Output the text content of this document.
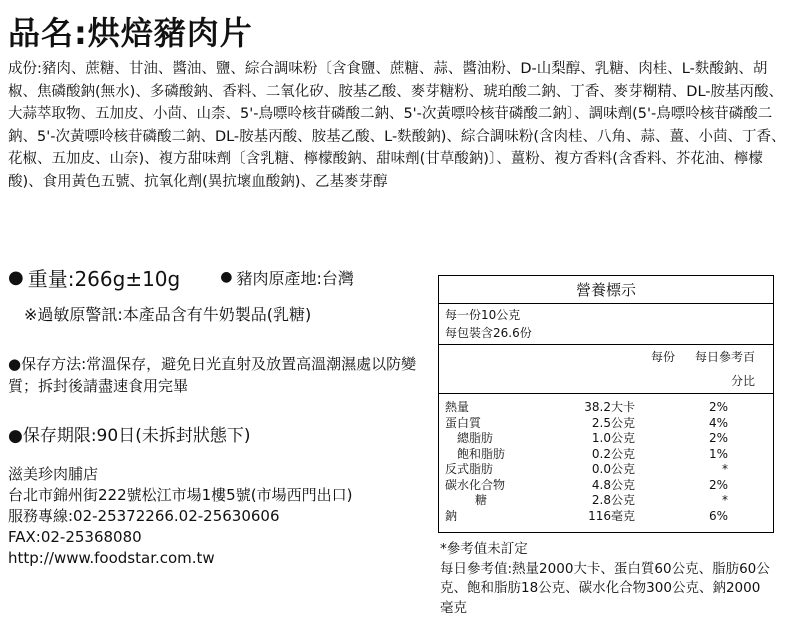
品名:烘焙豬肉片
成份:豬肉、蔗糖、甘油、醬油、鹽、綜合調味粉〔含食鹽、蔗糖、蒜、醬油粉、D-山梨醇、乳糖、肉桂、L-麩酸鈉、胡椒、焦磷酸鈉(無水)、多磷酸鈉、香料、二氧化矽、胺基乙酸、麥芽糖粉、琥珀酸二鈉、丁香、麥芽糊精、DL-胺基丙酸、大蒜萃取物、五加皮、小茴、山柰、5'-鳥嘌呤核苷磷酸二鈉、5'-次黃嘌呤核苷磷酸二鈉〕、調味劑(5'-鳥嘌呤核苷磷酸二鈉、5'-次黃嘌呤核苷磷酸二鈉、DL-胺基丙酸、胺基乙酸、L-麩酸鈉)、綜合調味粉(含肉桂、八角、蒜、薑、小茴、丁香、花椒、五加皮、山奈)、複方甜味劑〔含乳糖、檸檬酸鈉、甜味劑(甘草酸鈉)〕、薑粉、複方香料(含香料、芥花油、檸檬酸)、食用黃色五號、抗氧化劑(異抗壞血酸鈉)、乙基麥芽醇
● 重量:266g±10g	● 豬肉原產地:台灣
※過敏原警訊:本產品含有牛奶製品(乳糖)
●保存方法:常溫保存，避免日光直射及放置高溫潮濕處以防變質；拆封後請盡速食用完畢
●保存期限:90日(未拆封狀態下)
滋美珍肉脯店
台北市錦州街222號松江市場1樓5號(市場西門出口)
服務專線:02-25372266.02-25630606
FAX:02-25368080
http://www.foodstar.com.tw
營養標示
每一份10公克
每包裝含26.6份
每份	每日參考百分比
熱量	38.2大卡	2%
蛋白質	2.5公克	4%
總脂肪	1.0公克	2%
飽和脂肪	0.2公克	1%
反式脂肪	0.0公克	*
碳水化合物	4.8公克	2%
糖	2.8公克	*
鈉	116毫克	6%
*參考值未訂定
每日參考值:熱量2000大卡、蛋白質60公克、脂肪60公克、飽和脂肪18公克、碳水化合物300公克、鈉2000毫克
